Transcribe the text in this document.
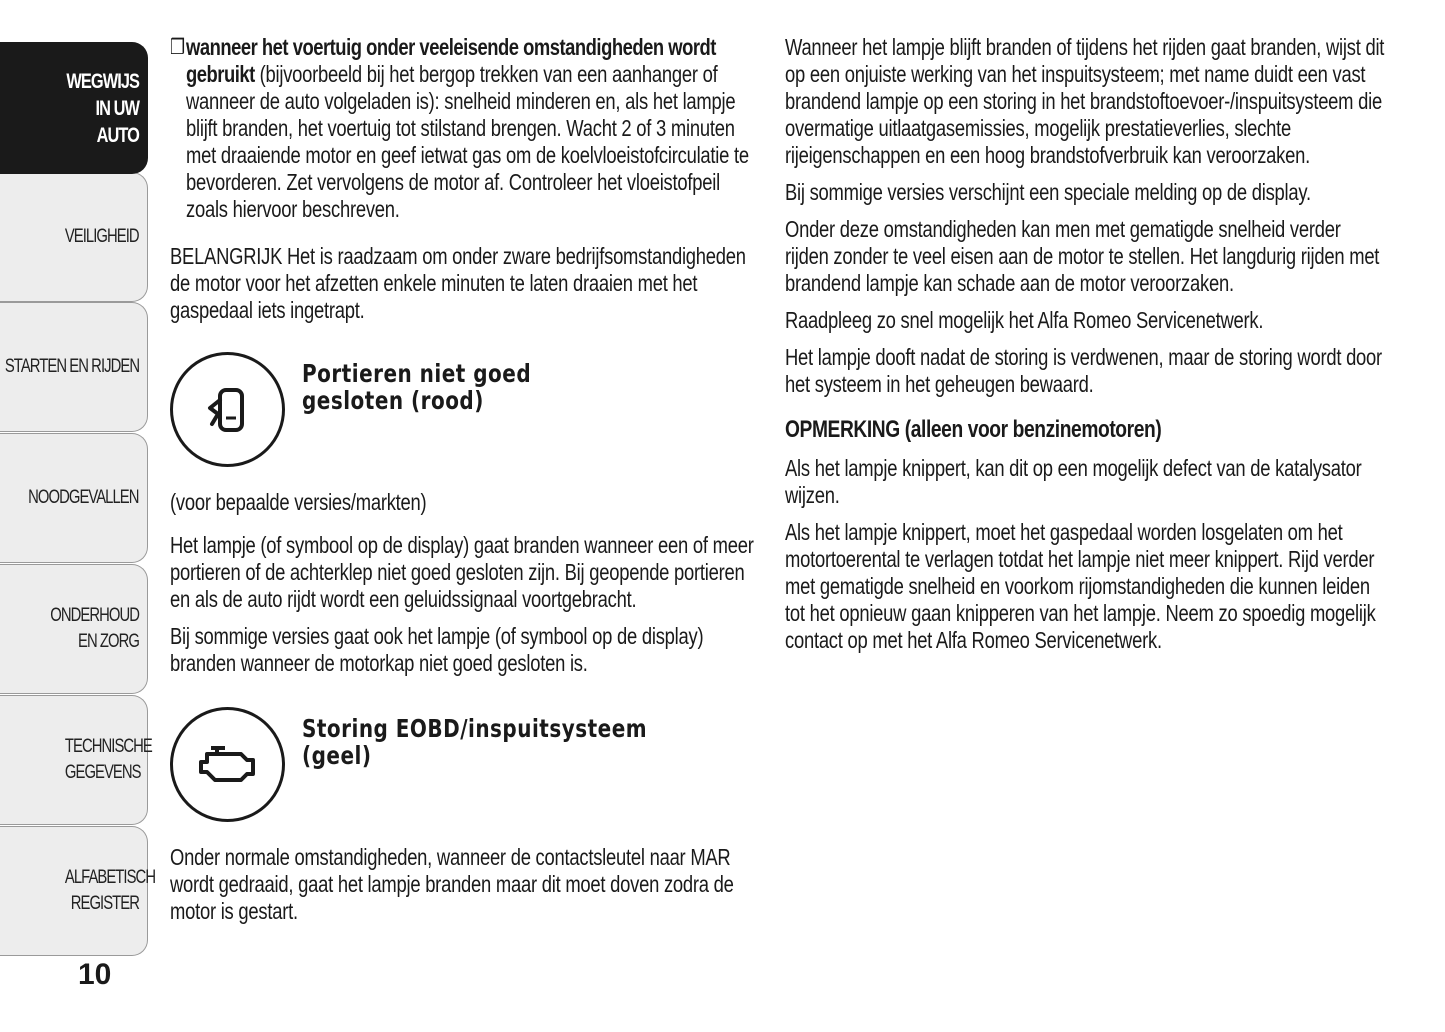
WEGWIJS IN UW AUTO
VEILIGHEID
STARTEN EN RIJDEN
NOODGEVALLEN
ONDERHOUD EN ZORG
TECHNISCHE GEGEVENS
ALFABETISCH REGISTER
10
❒ wanneer het voertuig onder veeleisende omstandigheden wordt gebruikt (bijvoorbeeld bij het bergop trekken van een aanhanger of wanneer de auto volgeladen is): snelheid minderen en, als het lampje blijft branden, het voertuig tot stilstand brengen. Wacht 2 of 3 minuten met draaiende motor en geef ietwat gas om de koelvloeistofcirculatie te bevorderen. Zet vervolgens de motor af. Controleer het vloeistofpeil zoals hiervoor beschreven.

BELANGRIJK Het is raadzaam om onder zware bedrijfsomstandigheden de motor voor het afzetten enkele minuten te laten draaien met het gaspedaal iets ingetrapt.

Portieren niet goed gesloten (rood)

(voor bepaalde versies/markten)

Het lampje (of symbool op de display) gaat branden wanneer een of meer portieren of de achterklep niet goed gesloten zijn. Bij geopende portieren en als de auto rijdt wordt een geluidssignaal voortgebracht.

Bij sommige versies gaat ook het lampje (of symbool op de display) branden wanneer de motorkap niet goed gesloten is.

Storing EOBD/inspuitsysteem (geel)

Onder normale omstandigheden, wanneer de contactsleutel naar MAR wordt gedraaid, gaat het lampje branden maar dit moet doven zodra de motor is gestart.

Wanneer het lampje blijft branden of tijdens het rijden gaat branden, wijst dit op een onjuiste werking van het inspuitsysteem; met name duidt een vast brandend lampje op een storing in het brandstoftoevoer-/inspuitsysteem die overmatige uitlaatgasemissies, mogelijk prestatieverlies, slechte rijeigenschappen en een hoog brandstofverbruik kan veroorzaken.

Bij sommige versies verschijnt een speciale melding op de display.

Onder deze omstandigheden kan men met gematigde snelheid verder rijden zonder te veel eisen aan de motor te stellen. Het langdurig rijden met brandend lampje kan schade aan de motor veroorzaken.

Raadpleeg zo snel mogelijk het Alfa Romeo Servicenetwerk.

Het lampje dooft nadat de storing is verdwenen, maar de storing wordt door het systeem in het geheugen bewaard.

OPMERKING (alleen voor benzinemotoren)

Als het lampje knippert, kan dit op een mogelijk defect van de katalysator wijzen.

Als het lampje knippert, moet het gaspedaal worden losgelaten om het motortoerental te verlagen totdat het lampje niet meer knippert. Rijd verder met gematigde snelheid en voorkom rijomstandigheden die kunnen leiden tot het opnieuw gaan knipperen van het lampje. Neem zo spoedig mogelijk contact op met het Alfa Romeo Servicenetwerk.
